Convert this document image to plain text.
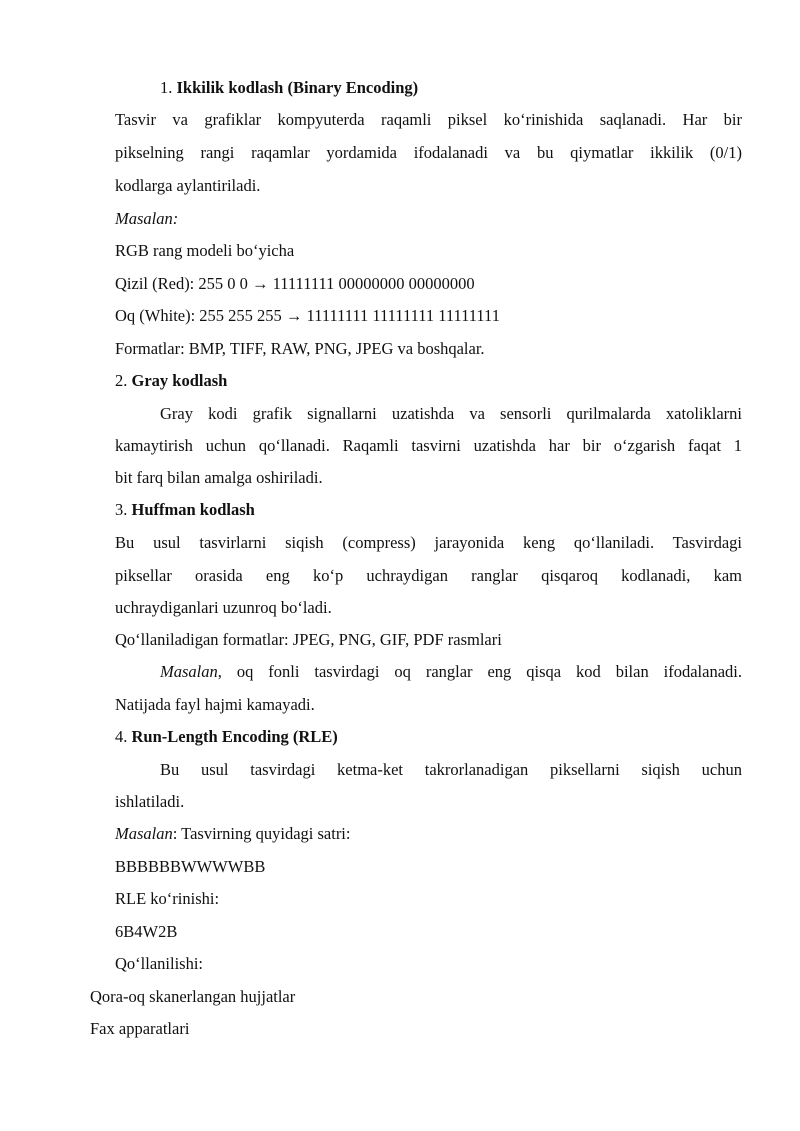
1. Ikkilik kodlash (Binary Encoding)
Tasvir va grafiklar kompyuterda raqamli piksel ko‘rinishida saqlanadi. Har bir
pikselning rangi raqamlar yordamida ifodalanadi va bu qiymatlar ikkilik (0/1)
kodlarga aylantiriladi.
Masalan:
RGB rang modeli bo‘yicha
Qizil (Red): 255 0 0 → 11111111 00000000 00000000
Oq (White): 255 255 255 → 11111111 11111111 11111111
Formatlar: BMP, TIFF, RAW, PNG, JPEG va boshqalar.
2. Gray kodlash
Gray kodi grafik signallarni uzatishda va sensorli qurilmalarda xatoliklarni
kamaytirish uchun qo‘llanadi. Raqamli tasvirni uzatishda har bir o‘zgarish faqat 1
bit farq bilan amalga oshiriladi.
3. Huffman kodlash
Bu usul tasvirlarni siqish (compress) jarayonida keng qo‘llaniladi. Tasvirdagi
piksellar orasida eng ko‘p uchraydigan ranglar qisqaroq kodlanadi, kam
uchraydiganlari uzunroq bo‘ladi.
Qo‘llaniladigan formatlar: JPEG, PNG, GIF, PDF rasmlari
Masalan, oq fonli tasvirdagi oq ranglar eng qisqa kod bilan ifodalanadi.
Natijada fayl hajmi kamayadi.
4. Run-Length Encoding (RLE)
Bu usul tasvirdagi ketma-ket takrorlanadigan piksellarni siqish uchun
ishlatiladi.
Masalan: Tasvirning quyidagi satri:
BBBBBBWWWWBB
RLE ko‘rinishi:
6B4W2B
Qo‘llanilishi:
Qora-oq skanerlangan hujjatlar
Fax apparatlari
